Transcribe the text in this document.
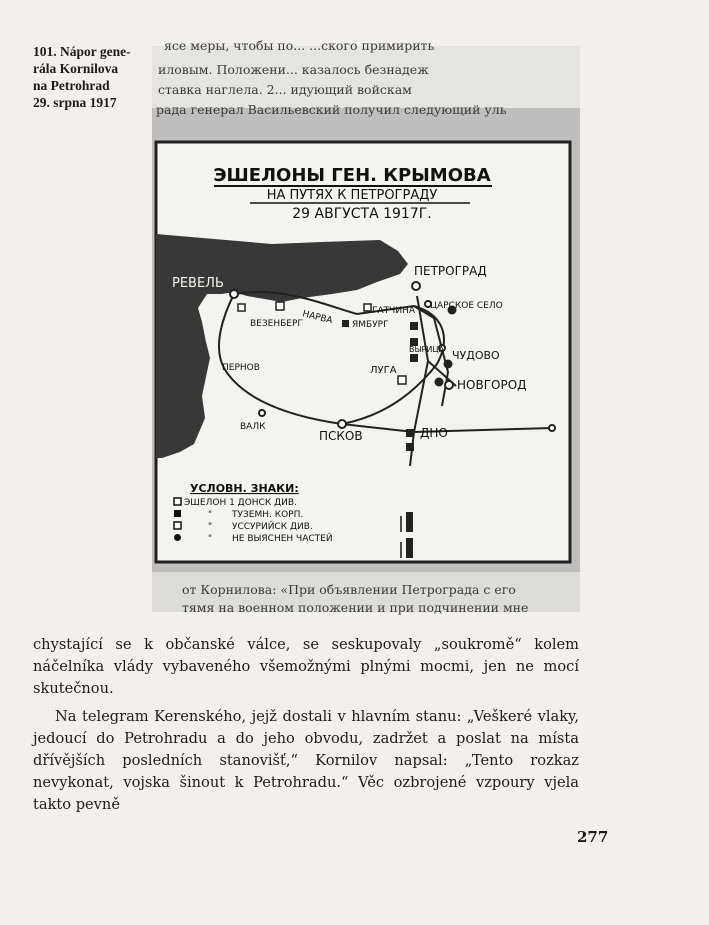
101. Nápor gene-
rála Kornilova
na Petrohrad
29. srpna 1917
ясе меры, чтобы по... ...ского примирить
иловым. Положени... казалось безнадеж
ставка наглела. 2... идующий войскам
рада генерал Васильевский получил следующий уль
ЭШЕЛОНЫ ГЕН. КРЫМОВА
НА ПУТЯХ К ПЕТРОГРАДУ
29 АВГУСТА 1917Г.
ПЕТРОГРАД
РЕВЕЛЬ
ЦАРСКОЕ СЕЛО
ГАТЧИНА
НАРВА ЯМБУРГ
ВЕЗЕНБЕРГ
ВЫРИЦА ЧУДОВО
НОВГОРОД
ЛУГА
ПЕРНОВ
ВАЛК
ПСКОВ	ДНО
УСЛОВН. ЗНАКИ:
ЭШЕЛОН 1 ДОНСК ДИВ.
" ТУЗЕМН. КОРП.
" УССУРИЙСК ДИВ.
" НЕ ВЫЯСНЕН ЧАСТЕЙ
от Корнилова: «При объявлении Петрограда с его
тямя на военном положении и при подчинении мне

chystající se k občanské válce, se seskupovaly „soukromě“ kolem náčelníka vlády vybaveného všemožnými plnými mocmi, jen ne mocí skutečnou.

Na telegram Kerenského, jejž dostali v hlavním stanu: „Veškeré vlaky, jedoucí do Petrohradu a do jeho obvodu, zadržet a poslat na místa dřívějších posledních stanovišť,“ Kornilov napsal: „Tento rozkaz nevykonat, vojska šinout k Petrohradu.“ Věc ozbrojené vzpoury vjela takto pevně

277
